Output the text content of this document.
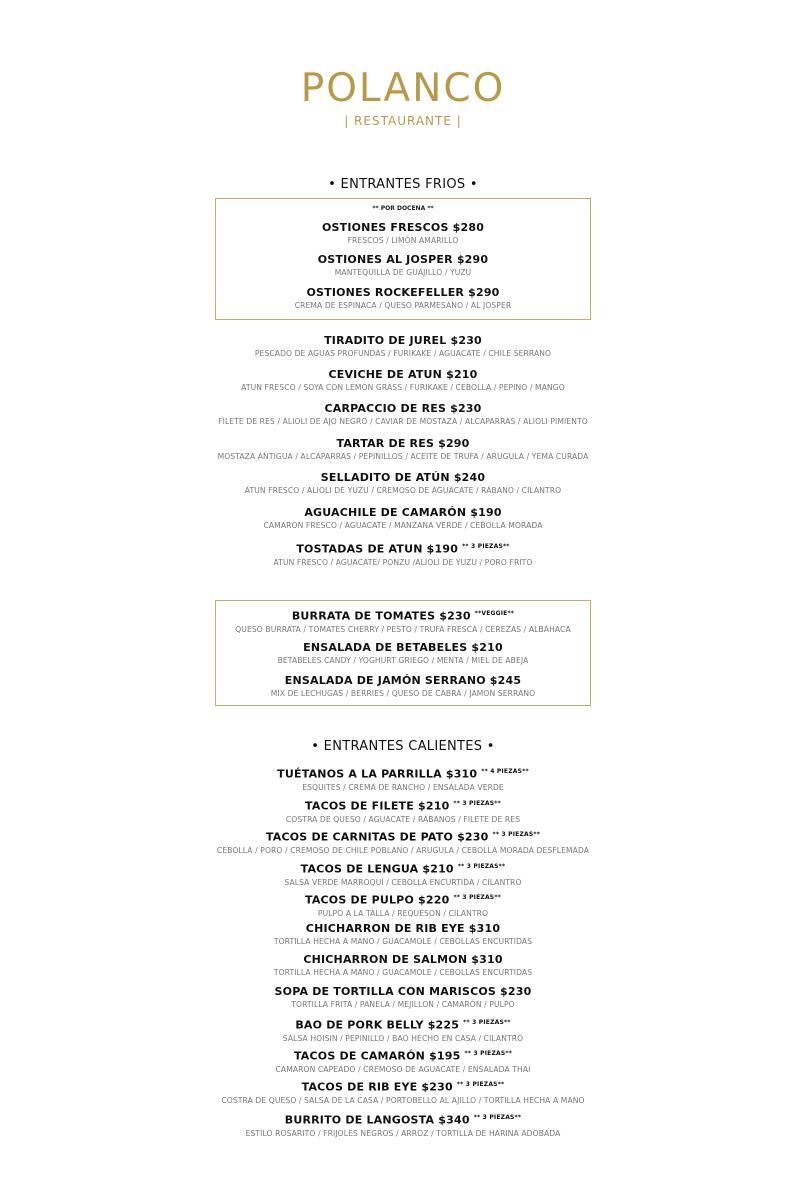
POLANCO
| RESTAURANTE |
• ENTRANTES FRIOS •
** POR DOCENA **
OSTIONES FRESCOS $280
FRESCOS / LIMÓN AMARILLO
OSTIONES AL JOSPER $290
MANTEQUILLA DE GUAJILLO / YUZU
OSTIONES ROCKEFELLER $290
CREMA DE ESPINACA / QUESO PARMESANO / AL JOSPER
TIRADITO DE JUREL $230
PESCADO DE AGUAS PROFUNDAS / FURIKAKE / AGUACATE / CHILE SERRANO
CEVICHE DE ATUN $210
ATUN FRESCO / SOYA CON LEMON GRASS / FURIKAKE / CEBOLLA / PEPINO / MANGO
CARPACCIO DE RES $230
FILETE DE RES / ALIOLI DE AJO NEGRO / CAVIAR DE MOSTAZA / ALCAPARRAS / ALIOLI PIMIENTO
TARTAR DE RES $290
MOSTAZA ANTIGUA / ALCAPARRAS / PEPINILLOS / ACEITE DE TRUFA / ARUGULA / YEMA CURADA
SELLADITO DE ATÚN $240
ATUN FRESCO / ALIOLI DE YUZU / CREMOSO DE AGUACATE / RÁBANO / CILANTRO
AGUACHILE DE CAMARÓN $190
CAMARON FRESCO / AGUACATE / MANZANA VERDE / CEBOLLA MORADA
TOSTADAS DE ATUN $190 $^{** 3 PIEZAS**}$
ATUN FRESCO / AGUACATE/ PONZU /ALIOLI DE YUZU / PORO FRITO
BURRATA DE TOMATES $230 $^{**VEGGIE**}$
QUESO BURRATA / TOMATES CHERRY / PESTO / TRUFA FRESCA / CEREZAS / ALBAHACA
ENSALADA DE BETABELES $210
BETABELES CANDY / YOGHURT GRIEGO / MENTA / MIEL DE ABEJA
ENSALADA DE JAMÓN SERRANO $245
MIX DE LECHUGAS / BERRIES / QUESO DE CABRA / JAMON SERRANO
• ENTRANTES CALIENTES •
TUÉTANOS A LA PARRILLA $310 $^{** 4 PIEZAS**}$
ESQUITES / CREMA DE RANCHO / ENSALADA VERDE
TACOS DE FILETE $210 $^{** 3 PIEZAS**}$
COSTRA DE QUESO / AGUACATE / RÁBANOS / FILETE DE RES
TACOS DE CARNITAS DE PATO $230 $^{** 3 PIEZAS**}$
CEBOLLA / PORO / CREMOSO DE CHILE POBLANO / ARUGULA / CEBOLLA MORADA DESFLEMADA
TACOS DE LENGUA $210 $^{** 3 PIEZAS**}$
SALSA VERDE MARROQUÍ / CEBOLLA ENCURTIDA / CILANTRO
TACOS DE PULPO $220 $^{** 3 PIEZAS**}$
PULPO A LA TALLA / REQUESON / CILANTRO
CHICHARRON DE RIB EYE $310
TORTILLA HECHA A MANO / GUACAMOLE / CEBOLLAS ENCURTIDAS
CHICHARRON DE SALMON $310
TORTILLA HECHA A MANO / GUACAMOLE / CEBOLLAS ENCURTIDAS
SOPA DE TORTILLA CON MARISCOS $230
TORTILLA FRITA / PANELA / MEJILLON / CAMARÓN / PULPO
BAO DE PORK BELLY $225 $^{** 3 PIEZAS**}$
SALSA HOISIN / PEPINILLO / BAO HECHO EN CASA / CILANTRO
TACOS DE CAMARÓN $195 $^{** 3 PIEZAS**}$
CAMARON CAPEADO / CREMOSO DE AGUACATE / ENSALADA THAI
TACOS DE RIB EYE $230 $^{** 3 PIEZAS**}$
COSTRA DE QUESO / SALSA DE LA CASA / PORTOBELLO AL AJILLO / TORTILLA HECHA A MANO
BURRITO DE LANGOSTA $340 $^{** 3 PIEZAS**}$
ESTILO ROSARITO / FRIJOLES NEGROS / ARROZ / TORTILLA DE HARINA ADOBADA
